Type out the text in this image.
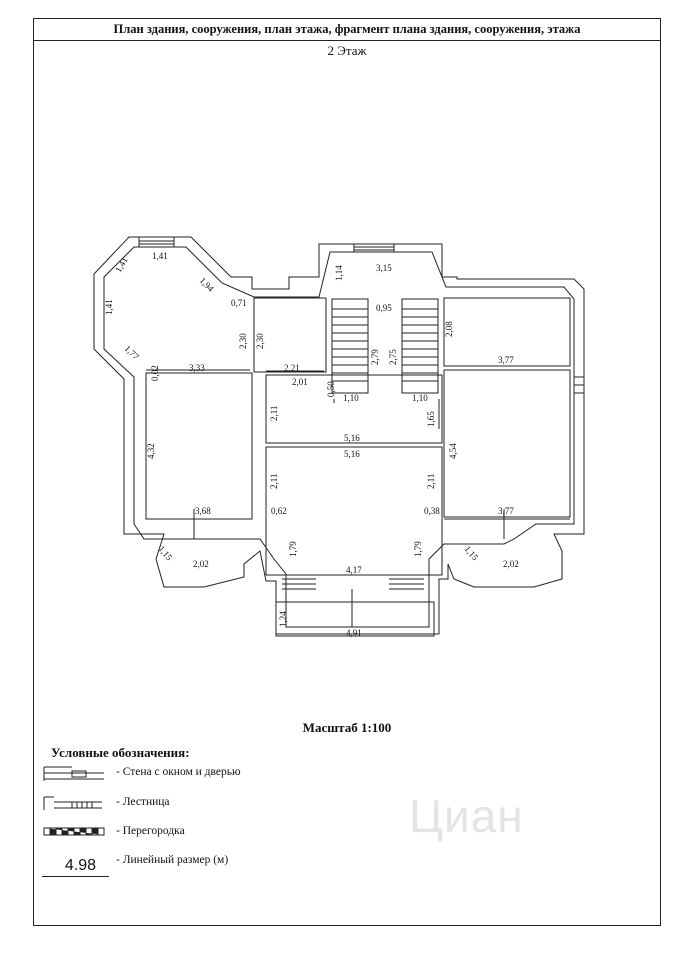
План здания, сооружения, план этажа, фрагмент плана здания, сооружения, этажа
2 Этаж
1,41
1,41
1,41
1,94
0,71
1,77
2,30 2,30
1,14	3,15
0,95
2,79 2,75
2,08
3,77
0,02	3,33	2,21
2,01 0,50
1,10	1,10
2,11	1,65
4,32	4,54
5,16
5,16
2,11	2,11
3,68	3,77
0,62	0,38
1,15	1,15
2,02	2,02
1,79	1,79
4,17
1,24
4,91
Масштаб 1:100
Условные обозначения:
- Стена с окном и дверью
- Лестница
- Перегородка
4.98	- Линейный размер (м)
Циан
